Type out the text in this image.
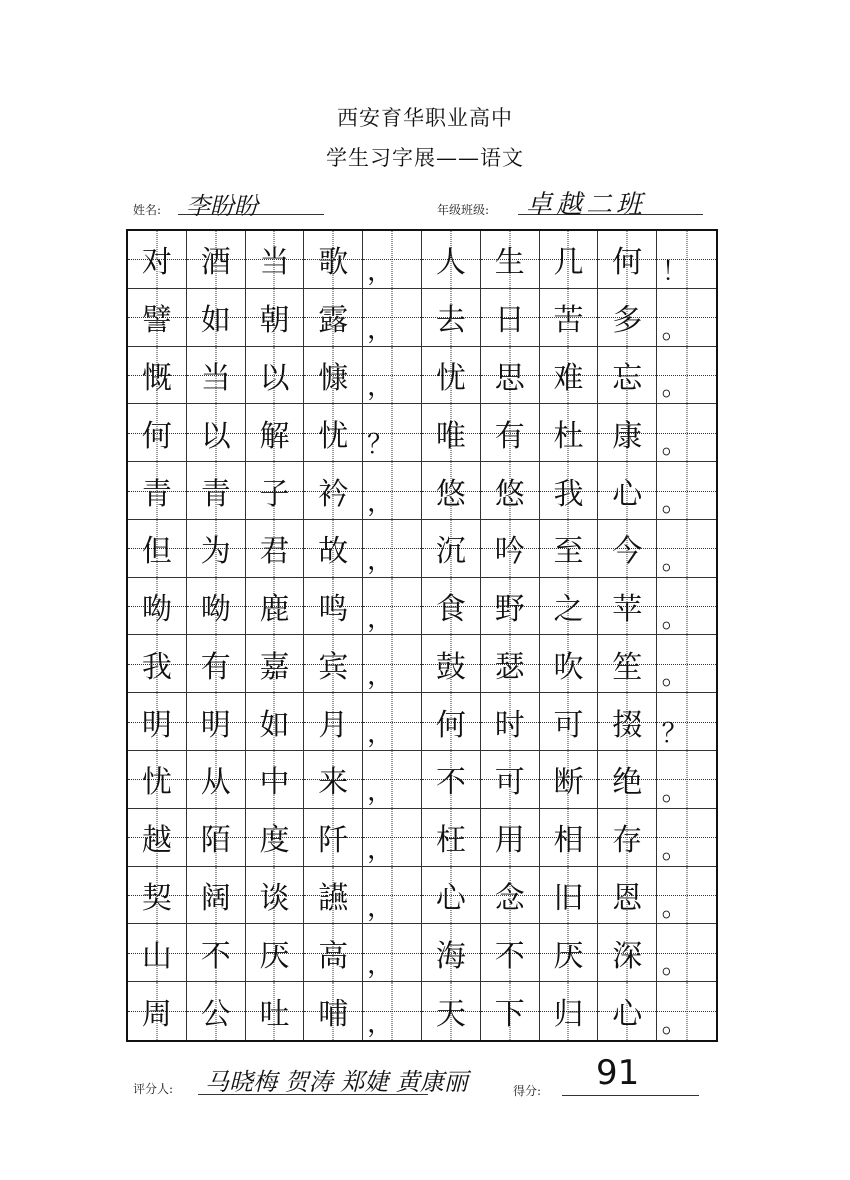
西安育华职业高中
学生习字展——语文
姓名: 李盼盼	年级班级: 卓越二班
对 酒 当 歌 ， 人 生 几 何 ！
譬 如 朝 露 ， 去 日 苦 多 。
慨 当 以 慷 ， 忧 思 难 忘 。
何 以 解 忧 ？ 唯 有 杜 康 。
青 青 子 衿 ， 悠 悠 我 心 。
但 为 君 故 ， 沉 吟 至 今 。
呦 呦 鹿 鸣 ， 食 野 之 苹 。
我 有 嘉 宾 ， 鼓 瑟 吹 笙 。
明 明 如 月 ， 何 时 可 掇 ？
忧 从 中 来 ， 不 可 断 绝 。
越 陌 度 阡 ， 枉 用 相 存 。
契 阔 谈 讌 ， 心 念 旧 恩 。
山 不 厌 高 ， 海 不 厌 深 。
周 公 吐 哺 ， 天 下 归 心 。
评分人: 马晓梅 贺涛 郑婕 黄康丽	得分: 91
